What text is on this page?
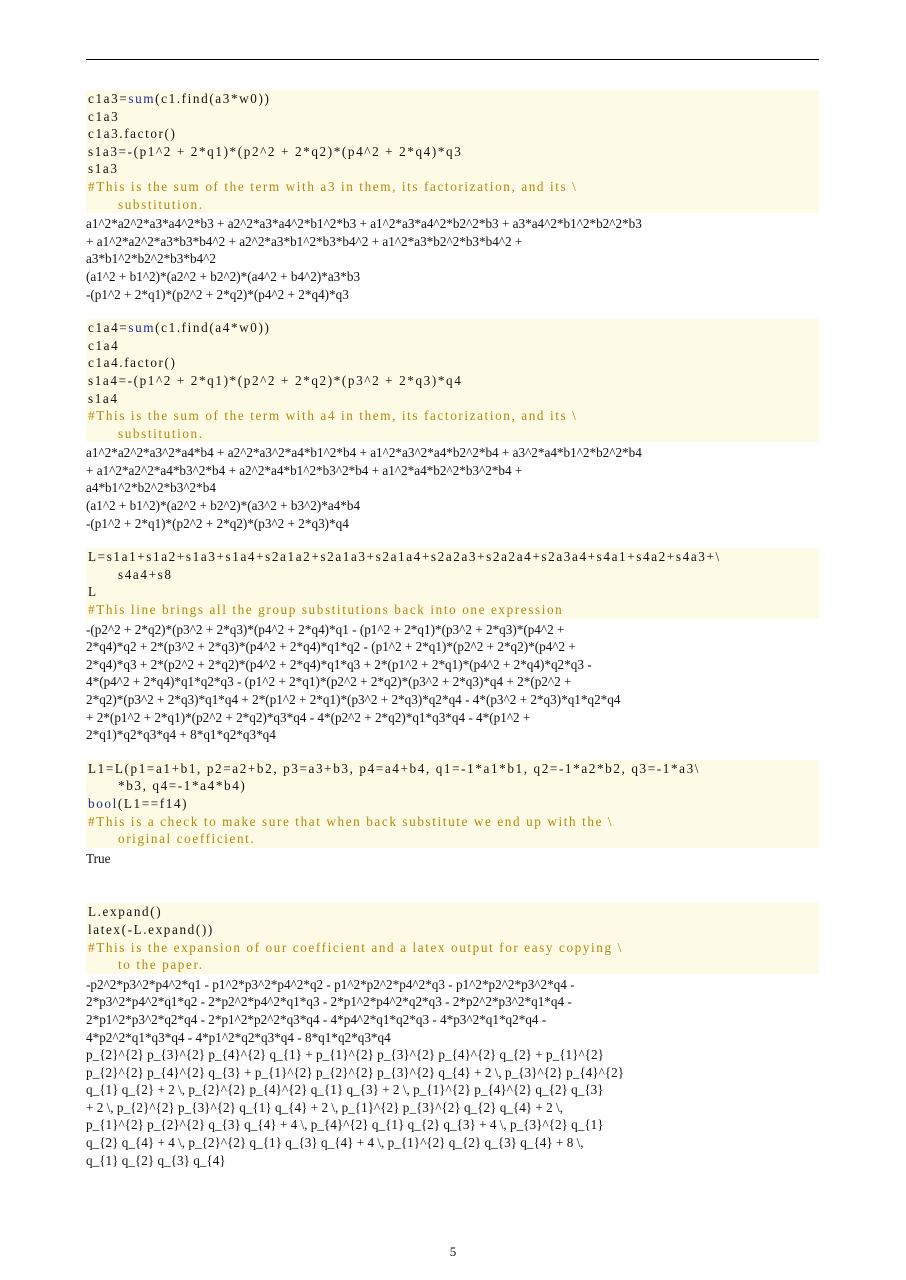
c1a3=sum(c1.find(a3*w0))
c1a3
c1a3.factor()
s1a3=-(p1^2 + 2*q1)*(p2^2 + 2*q2)*(p4^2 + 2*q4)*q3
s1a3
#This is the sum of the term with a3 in them, its factorization, and its \
substitution.
a1^2*a2^2*a3*a4^2*b3 + a2^2*a3*a4^2*b1^2*b3 + a1^2*a3*a4^2*b2^2*b3 + a3*a4^2*b1^2*b2^2*b3
+ a1^2*a2^2*a3*b3*b4^2 + a2^2*a3*b1^2*b3*b4^2 + a1^2*a3*b2^2*b3*b4^2 +
a3*b1^2*b2^2*b3*b4^2
(a1^2 + b1^2)*(a2^2 + b2^2)*(a4^2 + b4^2)*a3*b3
-(p1^2 + 2*q1)*(p2^2 + 2*q2)*(p4^2 + 2*q4)*q3
c1a4=sum(c1.find(a4*w0))
c1a4
c1a4.factor()
s1a4=-(p1^2 + 2*q1)*(p2^2 + 2*q2)*(p3^2 + 2*q3)*q4
s1a4
#This is the sum of the term with a4 in them, its factorization, and its \
substitution.
a1^2*a2^2*a3^2*a4*b4 + a2^2*a3^2*a4*b1^2*b4 + a1^2*a3^2*a4*b2^2*b4 + a3^2*a4*b1^2*b2^2*b4
+ a1^2*a2^2*a4*b3^2*b4 + a2^2*a4*b1^2*b3^2*b4 + a1^2*a4*b2^2*b3^2*b4 +
a4*b1^2*b2^2*b3^2*b4
(a1^2 + b1^2)*(a2^2 + b2^2)*(a3^2 + b3^2)*a4*b4
-(p1^2 + 2*q1)*(p2^2 + 2*q2)*(p3^2 + 2*q3)*q4
L=s1a1+s1a2+s1a3+s1a4+s2a1a2+s2a1a3+s2a1a4+s2a2a3+s2a2a4+s2a3a4+s4a1+s4a2+s4a3+\
s4a4+s8
L
#This line brings all the group substitutions back into one expression
-(p2^2 + 2*q2)*(p3^2 + 2*q3)*(p4^2 + 2*q4)*q1 - (p1^2 + 2*q1)*(p3^2 + 2*q3)*(p4^2 +
2*q4)*q2 + 2*(p3^2 + 2*q3)*(p4^2 + 2*q4)*q1*q2 - (p1^2 + 2*q1)*(p2^2 + 2*q2)*(p4^2 +
2*q4)*q3 + 2*(p2^2 + 2*q2)*(p4^2 + 2*q4)*q1*q3 + 2*(p1^2 + 2*q1)*(p4^2 + 2*q4)*q2*q3 -
4*(p4^2 + 2*q4)*q1*q2*q3 - (p1^2 + 2*q1)*(p2^2 + 2*q2)*(p3^2 + 2*q3)*q4 + 2*(p2^2 +
2*q2)*(p3^2 + 2*q3)*q1*q4 + 2*(p1^2 + 2*q1)*(p3^2 + 2*q3)*q2*q4 - 4*(p3^2 + 2*q3)*q1*q2*q4
+ 2*(p1^2 + 2*q1)*(p2^2 + 2*q2)*q3*q4 - 4*(p2^2 + 2*q2)*q1*q3*q4 - 4*(p1^2 +
2*q1)*q2*q3*q4 + 8*q1*q2*q3*q4
L1=L(p1=a1+b1, p2=a2+b2, p3=a3+b3, p4=a4+b4, q1=-1*a1*b1, q2=-1*a2*b2, q3=-1*a3\
*b3, q4=-1*a4*b4)
bool(L1==f14)
#This is a check to make sure that when back substitute we end up with the \
original coefficient.
True
L.expand()
latex(-L.expand())
#This is the expansion of our coefficient and a latex output for easy copying \
to the paper.
-p2^2*p3^2*p4^2*q1 - p1^2*p3^2*p4^2*q2 - p1^2*p2^2*p4^2*q3 - p1^2*p2^2*p3^2*q4 -
2*p3^2*p4^2*q1*q2 - 2*p2^2*p4^2*q1*q3 - 2*p1^2*p4^2*q2*q3 - 2*p2^2*p3^2*q1*q4 -
2*p1^2*p3^2*q2*q4 - 2*p1^2*p2^2*q3*q4 - 4*p4^2*q1*q2*q3 - 4*p3^2*q1*q2*q4 -
4*p2^2*q1*q3*q4 - 4*p1^2*q2*q3*q4 - 8*q1*q2*q3*q4
p_{2}^{2} p_{3}^{2} p_{4}^{2} q_{1} + p_{1}^{2} p_{3}^{2} p_{4}^{2} q_{2} + p_{1}^{2}
p_{2}^{2} p_{4}^{2} q_{3} + p_{1}^{2} p_{2}^{2} p_{3}^{2} q_{4} + 2 \, p_{3}^{2} p_{4}^{2}
q_{1} q_{2} + 2 \, p_{2}^{2} p_{4}^{2} q_{1} q_{3} + 2 \, p_{1}^{2} p_{4}^{2} q_{2} q_{3}
+ 2 \, p_{2}^{2} p_{3}^{2} q_{1} q_{4} + 2 \, p_{1}^{2} p_{3}^{2} q_{2} q_{4} + 2 \,
p_{1}^{2} p_{2}^{2} q_{3} q_{4} + 4 \, p_{4}^{2} q_{1} q_{2} q_{3} + 4 \, p_{3}^{2} q_{1}
q_{2} q_{4} + 4 \, p_{2}^{2} q_{1} q_{3} q_{4} + 4 \, p_{1}^{2} q_{2} q_{3} q_{4} + 8 \,
q_{1} q_{2} q_{3} q_{4}
5
